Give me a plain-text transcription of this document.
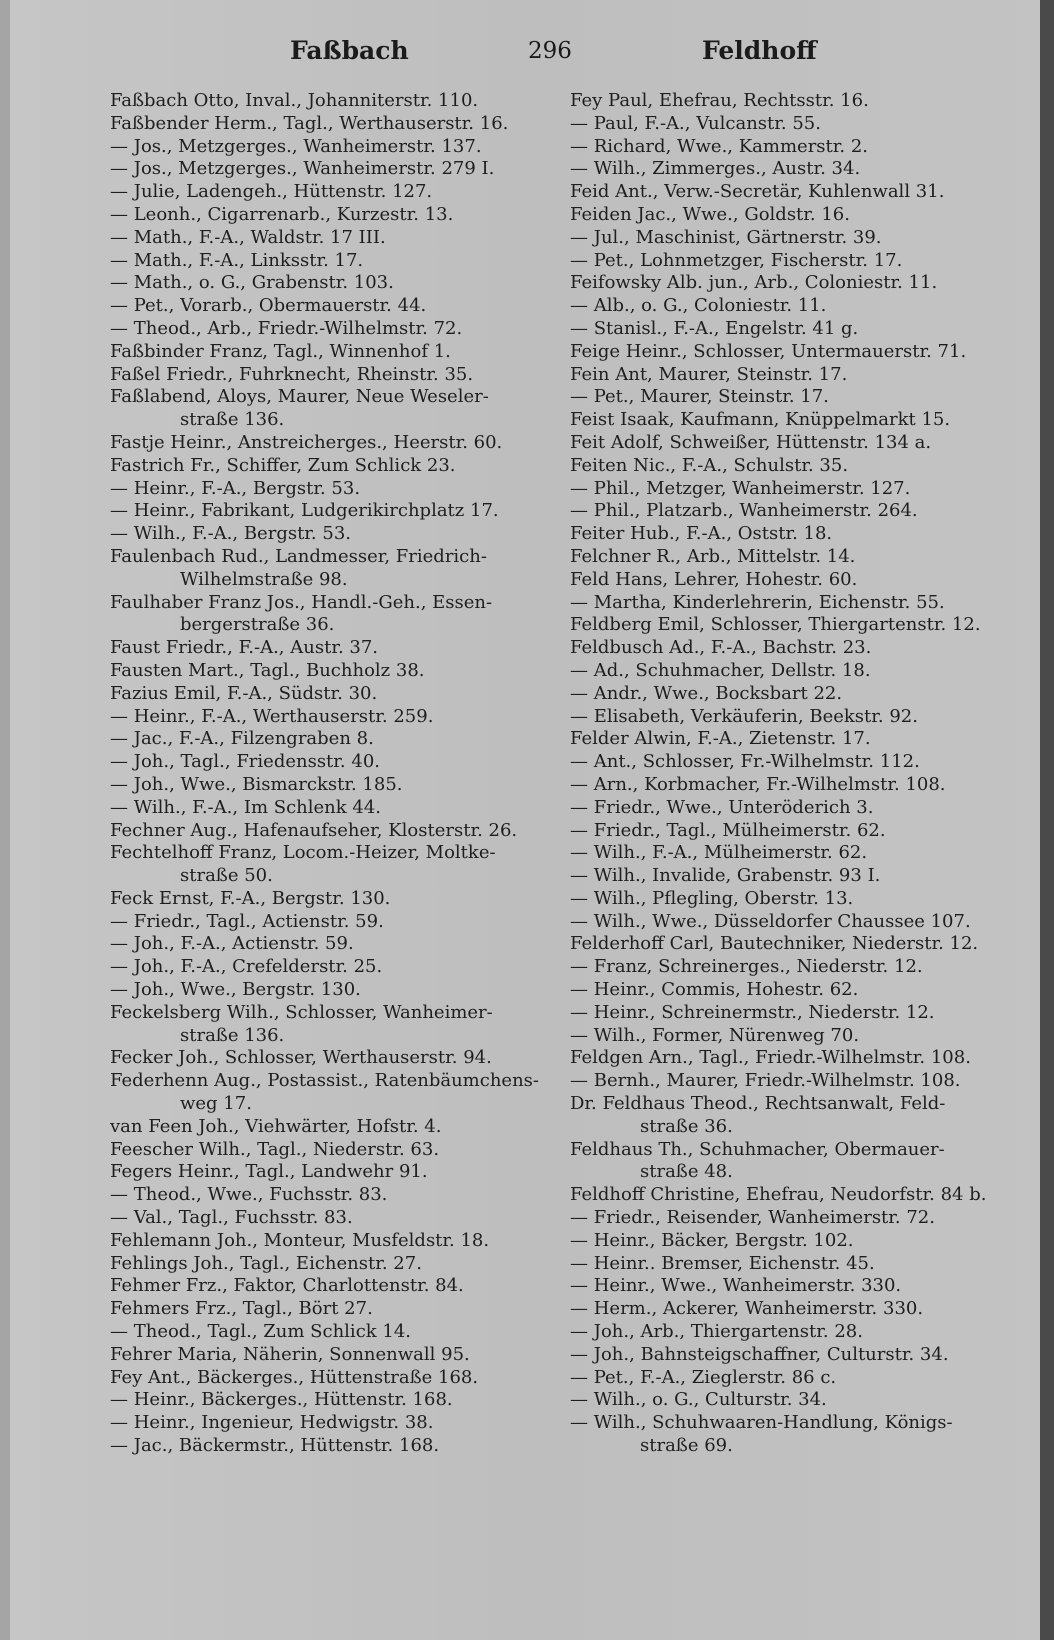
Faßbach	296	Feldhoff
Faßbach Otto, Inval., Johanniterstr. 110.
Faßbender Herm., Tagl., Werthauserstr. 16.
— Jos., Metzgerges., Wanheimerstr. 137.
— Jos., Metzgerges., Wanheimerstr. 279 I.
— Julie, Ladengeh., Hüttenstr. 127.
— Leonh., Cigarrenarb., Kurzestr. 13.
— Math., F.-A., Waldstr. 17 III.
— Math., F.-A., Linksstr. 17.
— Math., o. G., Grabenstr. 103.
— Pet., Vorarb., Obermauerstr. 44.
— Theod., Arb., Friedr.-Wilhelmstr. 72.
Faßbinder Franz, Tagl., Winnenhof 1.
Faßel Friedr., Fuhrknecht, Rheinstr. 35.
Faßlabend, Aloys, Maurer, Neue Weseler-
straße 136.
Fastje Heinr., Anstreicherges., Heerstr. 60.
Fastrich Fr., Schiffer, Zum Schlick 23.
— Heinr., F.-A., Bergstr. 53.
— Heinr., Fabrikant, Ludgerikirchplatz 17.
— Wilh., F.-A., Bergstr. 53.
Faulenbach Rud., Landmesser, Friedrich-
Wilhelmstraße 98.
Faulhaber Franz Jos., Handl.-Geh., Essen-
bergerstraße 36.
Faust Friedr., F.-A., Austr. 37.
Fausten Mart., Tagl., Buchholz 38.
Fazius Emil, F.-A., Südstr. 30.
— Heinr., F.-A., Werthauserstr. 259.
— Jac., F.-A., Filzengraben 8.
— Joh., Tagl., Friedensstr. 40.
— Joh., Wwe., Bismarckstr. 185.
— Wilh., F.-A., Im Schlenk 44.
Fechner Aug., Hafenaufseher, Klosterstr. 26.
Fechtelhoff Franz, Locom.-Heizer, Moltke-
straße 50.
Feck Ernst, F.-A., Bergstr. 130.
— Friedr., Tagl., Actienstr. 59.
— Joh., F.-A., Actienstr. 59.
— Joh., F.-A., Crefelderstr. 25.
— Joh., Wwe., Bergstr. 130.
Feckelsberg Wilh., Schlosser, Wanheimer-
straße 136.
Fecker Joh., Schlosser, Werthauserstr. 94.
Federhenn Aug., Postassist., Ratenbäumchens-
weg 17.
van Feen Joh., Viehwärter, Hofstr. 4.
Feescher Wilh., Tagl., Niederstr. 63.
Fegers Heinr., Tagl., Landwehr 91.
— Theod., Wwe., Fuchsstr. 83.
— Val., Tagl., Fuchsstr. 83.
Fehlemann Joh., Monteur, Musfeldstr. 18.
Fehlings Joh., Tagl., Eichenstr. 27.
Fehmer Frz., Faktor, Charlottenstr. 84.
Fehmers Frz., Tagl., Bört 27.
— Theod., Tagl., Zum Schlick 14.
Fehrer Maria, Näherin, Sonnenwall 95.
Fey Ant., Bäckerges., Hüttenstraße 168.
— Heinr., Bäckerges., Hüttenstr. 168.
— Heinr., Ingenieur, Hedwigstr. 38.
— Jac., Bäckermstr., Hüttenstr. 168.
Fey Paul, Ehefrau, Rechtsstr. 16.
— Paul, F.-A., Vulcanstr. 55.
— Richard, Wwe., Kammerstr. 2.
— Wilh., Zimmerges., Austr. 34.
Feid Ant., Verw.-Secretär, Kuhlenwall 31.
Feiden Jac., Wwe., Goldstr. 16.
— Jul., Maschinist, Gärtnerstr. 39.
— Pet., Lohnmetzger, Fischerstr. 17.
Feifowsky Alb. jun., Arb., Coloniestr. 11.
— Alb., o. G., Coloniestr. 11.
— Stanisl., F.-A., Engelstr. 41 g.
Feige Heinr., Schlosser, Untermauerstr. 71.
Fein Ant, Maurer, Steinstr. 17.
— Pet., Maurer, Steinstr. 17.
Feist Isaak, Kaufmann, Knüppelmarkt 15.
Feit Adolf, Schweißer, Hüttenstr. 134 a.
Feiten Nic., F.-A., Schulstr. 35.
— Phil., Metzger, Wanheimerstr. 127.
— Phil., Platzarb., Wanheimerstr. 264.
Feiter Hub., F.-A., Oststr. 18.
Felchner R., Arb., Mittelstr. 14.
Feld Hans, Lehrer, Hohestr. 60.
— Martha, Kinderlehrerin, Eichenstr. 55.
Feldberg Emil, Schlosser, Thiergartenstr. 12.
Feldbusch Ad., F.-A., Bachstr. 23.
— Ad., Schuhmacher, Dellstr. 18.
— Andr., Wwe., Bocksbart 22.
— Elisabeth, Verkäuferin, Beekstr. 92.
Felder Alwin, F.-A., Zietenstr. 17.
— Ant., Schlosser, Fr.-Wilhelmstr. 112.
— Arn., Korbmacher, Fr.-Wilhelmstr. 108.
— Friedr., Wwe., Unteröderich 3.
— Friedr., Tagl., Mülheimerstr. 62.
— Wilh., F.-A., Mülheimerstr. 62.
— Wilh., Invalide, Grabenstr. 93 I.
— Wilh., Pflegling, Oberstr. 13.
— Wilh., Wwe., Düsseldorfer Chaussee 107.
Felderhoff Carl, Bautechniker, Niederstr. 12.
— Franz, Schreinerges., Niederstr. 12.
— Heinr., Commis, Hohestr. 62.
— Heinr., Schreinermstr., Niederstr. 12.
— Wilh., Former, Nürenweg 70.
Feldgen Arn., Tagl., Friedr.-Wilhelmstr. 108.
— Bernh., Maurer, Friedr.-Wilhelmstr. 108.
Dr. Feldhaus Theod., Rechtsanwalt, Feld-
straße 36.
Feldhaus Th., Schuhmacher, Obermauer-
straße 48.
Feldhoff Christine, Ehefrau, Neudorfstr. 84 b.
— Friedr., Reisender, Wanheimerstr. 72.
— Heinr., Bäcker, Bergstr. 102.
— Heinr.. Bremser, Eichenstr. 45.
— Heinr., Wwe., Wanheimerstr. 330.
— Herm., Ackerer, Wanheimerstr. 330.
— Joh., Arb., Thiergartenstr. 28.
— Joh., Bahnsteigschaffner, Culturstr. 34.
— Pet., F.-A., Zieglerstr. 86 c.
— Wilh., o. G., Culturstr. 34.
— Wilh., Schuhwaaren-Handlung, Königs-
straße 69.
